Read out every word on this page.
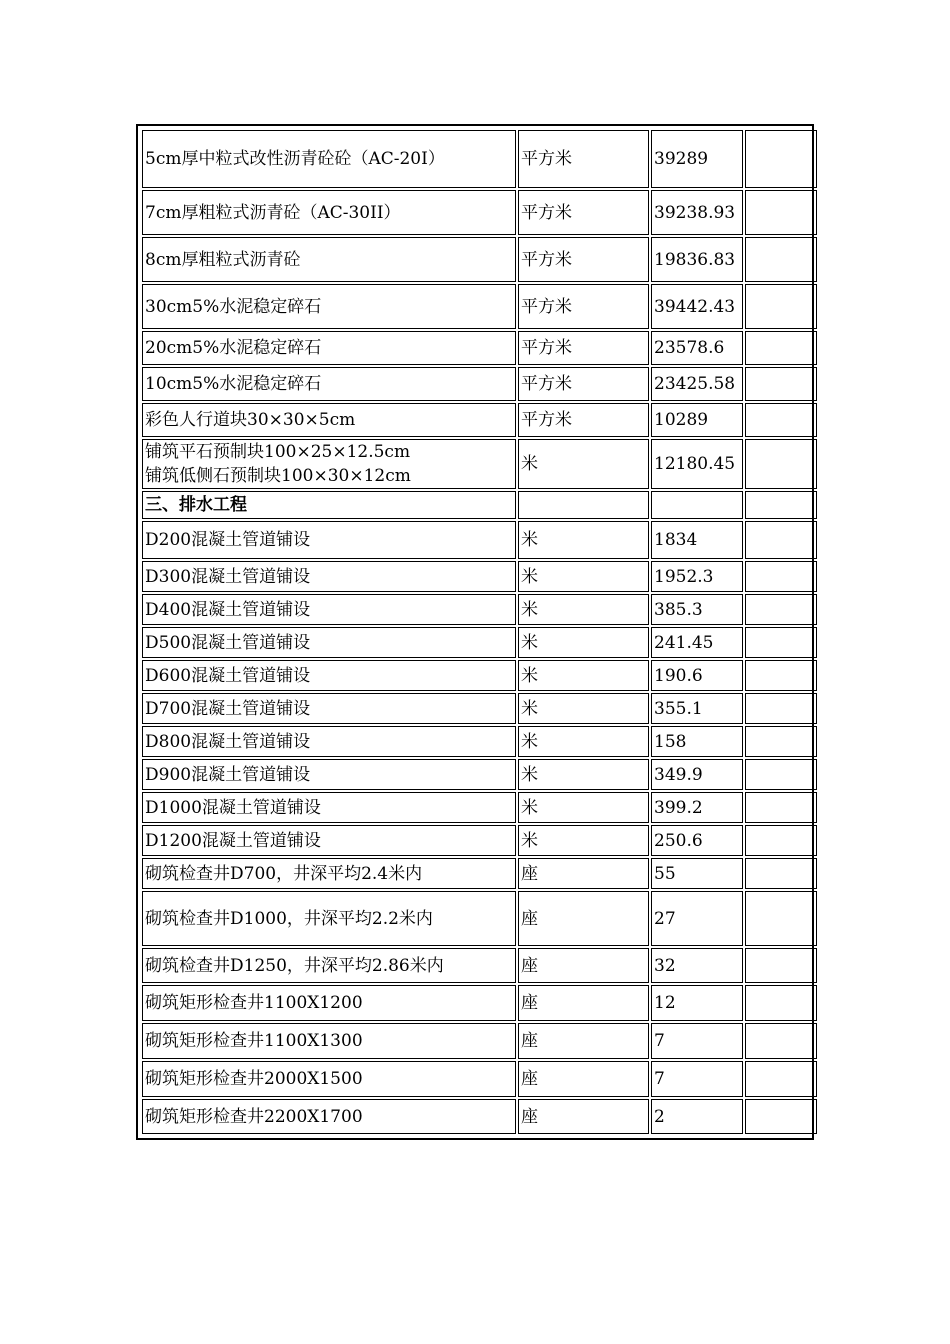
5cm厚中粒式改性沥青砼砼（AC-20I）	平方米	39289	

7cm厚粗粒式沥青砼（AC-30II）	平方米	39238.93	

8cm厚粗粒式沥青砼	平方米	19836.83	

30cm5%水泥稳定碎石	平方米	39442.43	

20cm5%水泥稳定碎石	平方米	23578.6	

10cm5%水泥稳定碎石	平方米	23425.58	

彩色人行道块30×30×5cm	平方米	10289	

铺筑平石预制块100×25×12.5cm
铺筑低侧石预制块100×30×12cm	米	12180.45	

三、排水工程			

D200混凝土管道铺设	米	1834	

D300混凝土管道铺设	米	1952.3	

D400混凝土管道铺设	米	385.3	

D500混凝土管道铺设	米	241.45	

D600混凝土管道铺设	米	190.6	

D700混凝土管道铺设	米	355.1	

D800混凝土管道铺设	米	158	

D900混凝土管道铺设	米	349.9	

D1000混凝土管道铺设	米	399.2	

D1200混凝土管道铺设	米	250.6	

砌筑检查井D700，井深平均2.4米内	座	55	

砌筑检查井D1000，井深平均2.2米内	座	27	

砌筑检查井D1250，井深平均2.86米内	座	32	

砌筑矩形检查井1100X1200	座	12	

砌筑矩形检查井1100X1300	座	7	

砌筑矩形检查井2000X1500	座	7	

砌筑矩形检查井2200X1700	座	2	
